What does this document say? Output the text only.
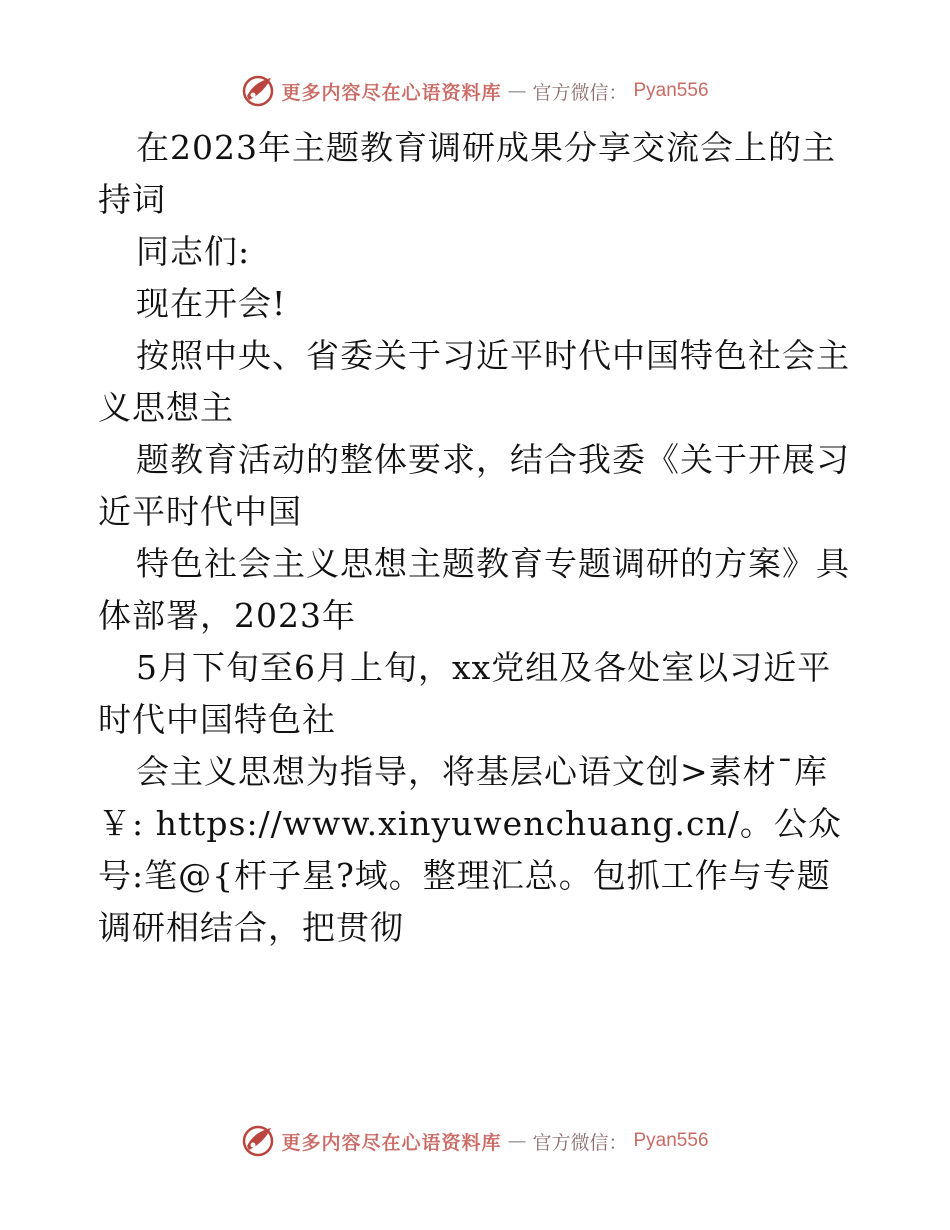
更多内容尽在心语资料库 — 官方微信： Pyan556

在2023年主题教育调研成果分享交流会上的主持词

同志们:

现在开会!

按照中央、省委关于习近平时代中国特色社会主义思想主

题教育活动的整体要求，结合我委《关于开展习近平时代中国

特色社会主义思想主题教育专题调研的方案》具体部署，2023年

5月下旬至6月上旬，xx党组及各处室以习近平时代中国特色社

会主义思想为指导，将基层心语文创>素材¯库￥: https://www.xinyuwenchuang.cn/。公众号:笔@{杆子星?域。整理汇总。包抓工作与专题调研相结合，把贯彻

更多内容尽在心语资料库 — 官方微信： Pyan556
